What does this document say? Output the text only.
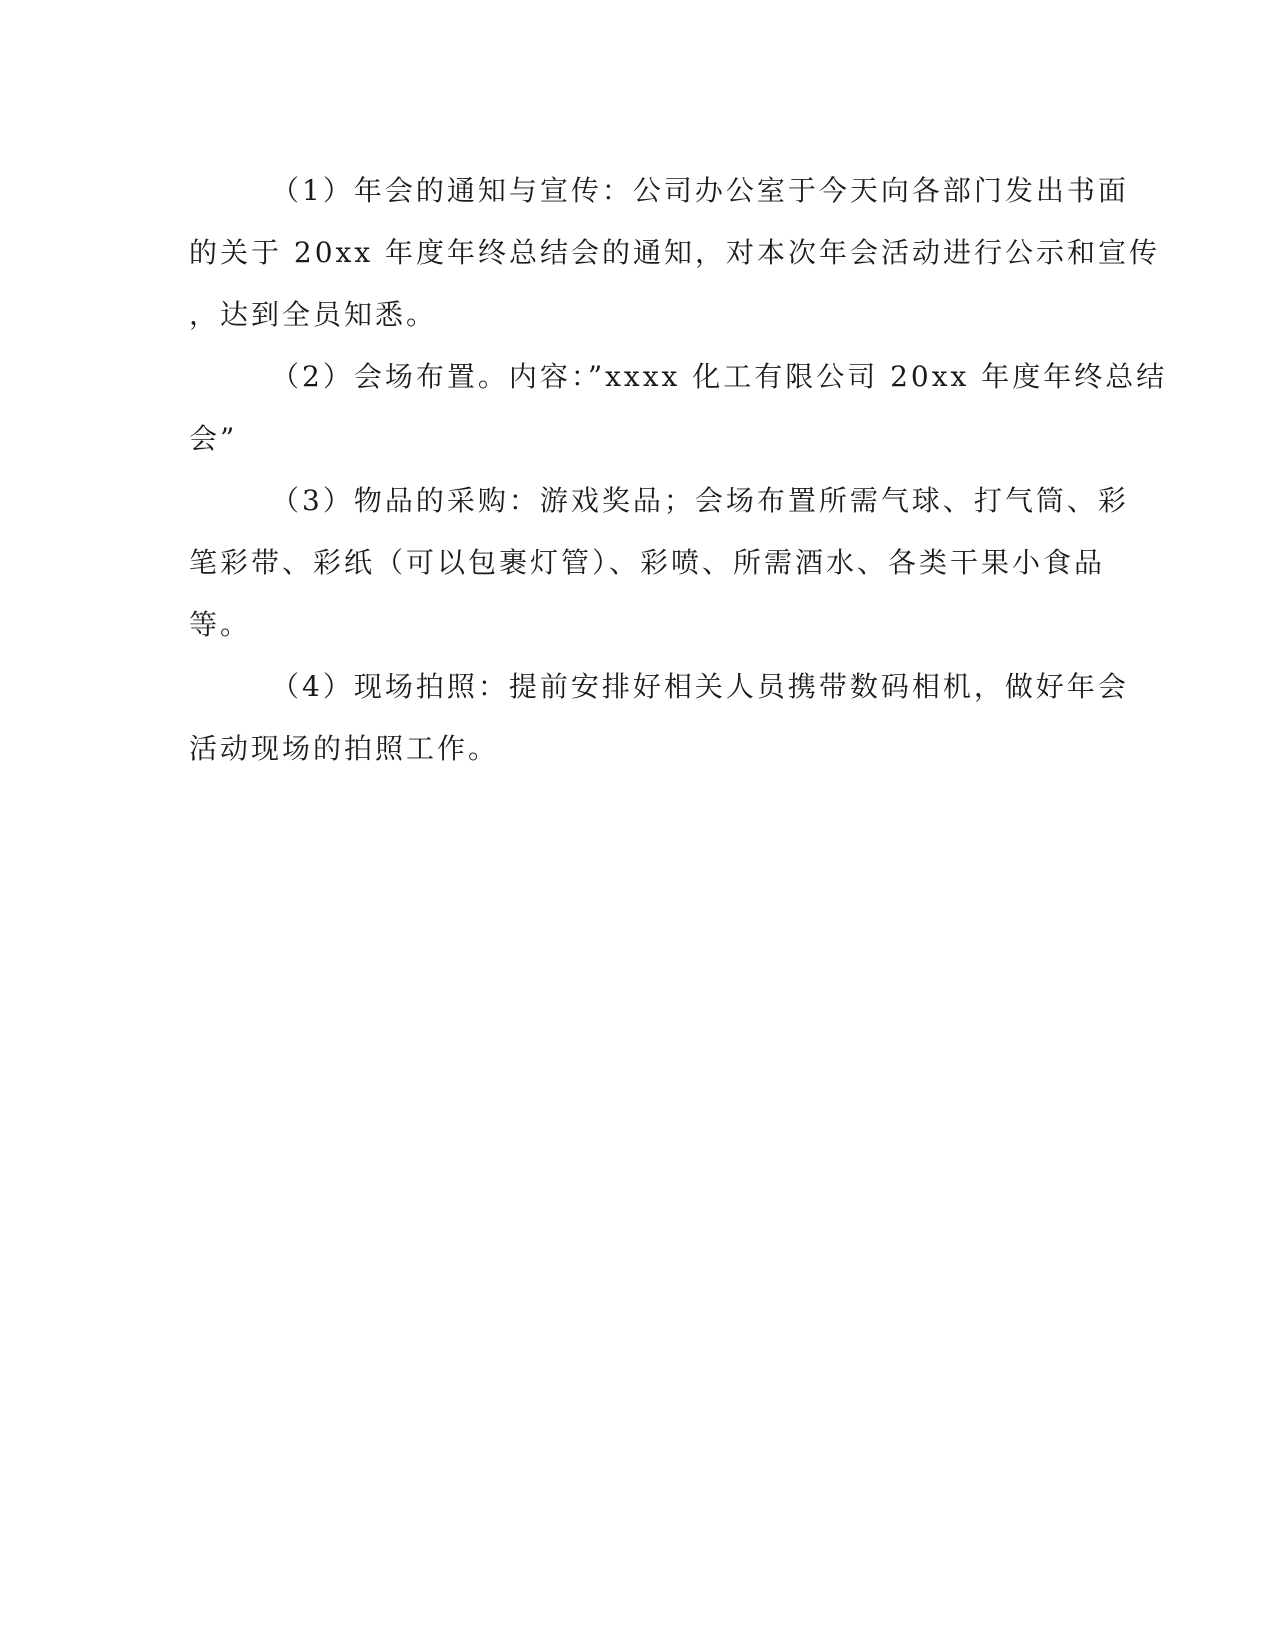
（1）年会的通知与宣传：公司办公室于今天向各部门发出书面
的关于 20xx 年度年终总结会的通知，对本次年会活动进行公示和宣传
，达到全员知悉。
（2）会场布置。内容：”xxxx 化工有限公司 20xx 年度年终总结
会”
（3）物品的采购：游戏奖品；会场布置所需气球、打气筒、彩
笔彩带、彩纸（可以包裹灯管）、彩喷、所需酒水、各类干果小食品
等。
（4）现场拍照：提前安排好相关人员携带数码相机，做好年会
活动现场的拍照工作。
